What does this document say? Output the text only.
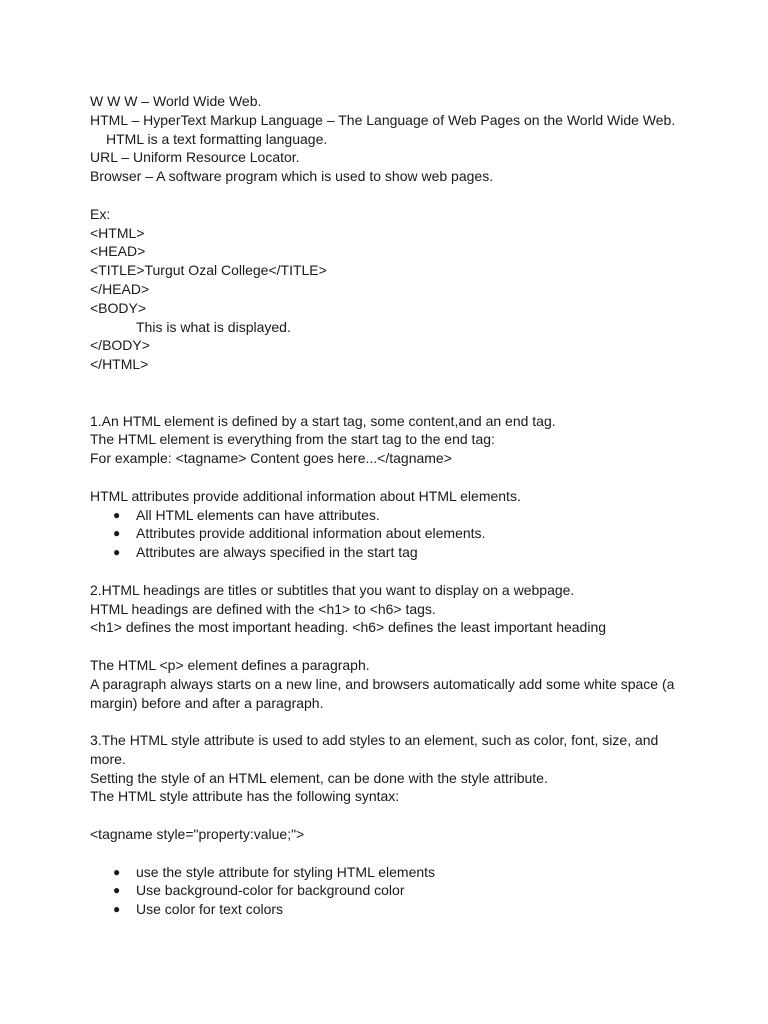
W W W – World Wide Web.

HTML – HyperText Markup Language – The Language of Web Pages on the World Wide Web.

HTML is a text formatting language.

URL – Uniform Resource Locator.

Browser – A software program which is used to show web pages.

Ex:

<HTML>

<HEAD>

<TITLE>Turgut Ozal College</TITLE>

</HEAD>

<BODY>

This is what is displayed.

</BODY>

</HTML>

1.An HTML element is defined by a start tag, some content,and an end tag.

The HTML element is everything from the start tag to the end tag:

For example: <tagname> Content goes here...</tagname>

HTML attributes provide additional information about HTML elements.

● All HTML elements can have attributes.
● Attributes provide additional information about elements.
● Attributes are always specified in the start tag

2.HTML headings are titles or subtitles that you want to display on a webpage.

HTML headings are defined with the <h1> to <h6> tags.

<h1> defines the most important heading. <h6> defines the least important heading

The HTML <p> element defines a paragraph.

A paragraph always starts on a new line, and browsers automatically add some white space (a margin) before and after a paragraph.

3.The HTML style attribute is used to add styles to an element, such as color, font, size, and more.

Setting the style of an HTML element, can be done with the style attribute.

The HTML style attribute has the following syntax:

<tagname style="property:value;">

● use the style attribute for styling HTML elements
● Use background-color for background color
● Use color for text colors
